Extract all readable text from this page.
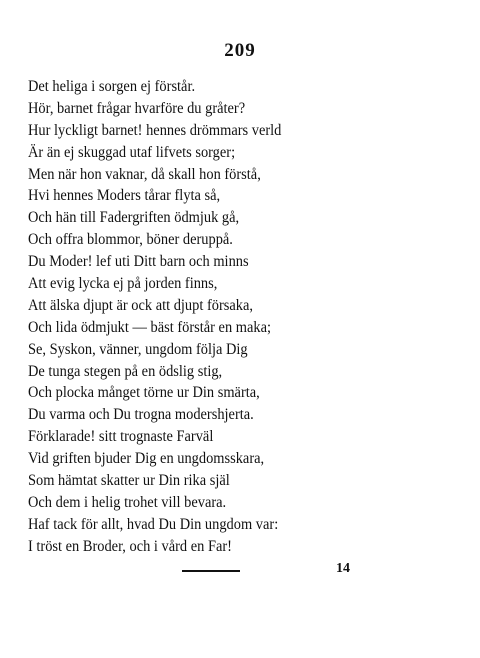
209
Det heliga i sorgen ej förstår.
Hör, barnet frågar hvarföre du gråter?
Hur lyckligt barnet! hennes drömmars verld
Är än ej skuggad utaf lifvets sorger;
Men när hon vaknar, då skall hon förstå,
Hvi hennes Moders tårar flyta så,
Och hän till Fadergriften ödmjuk gå,
Och offra blommor, böner deruppå.
Du Moder! lef uti Ditt barn och minns
Att evig lycka ej på jorden finns,
Att älska djupt är ock att djupt försaka,
Och lida ödmjukt — bäst förstår en maka;
Se, Syskon, vänner, ungdom följa Dig
De tunga stegen på en ödslig stig,
Och plocka månget törne ur Din smärta,
Du varma och Du trogna modershjerta.
Förklarade! sitt trognaste Farväl
Vid griften bjuder Dig en ungdomsskara,
Som hämtat skatter ur Din rika själ
Och dem i helig trohet vill bevara.
Haf tack för allt, hvad Du Din ungdom var:
I tröst en Broder, och i vård en Far!
14
